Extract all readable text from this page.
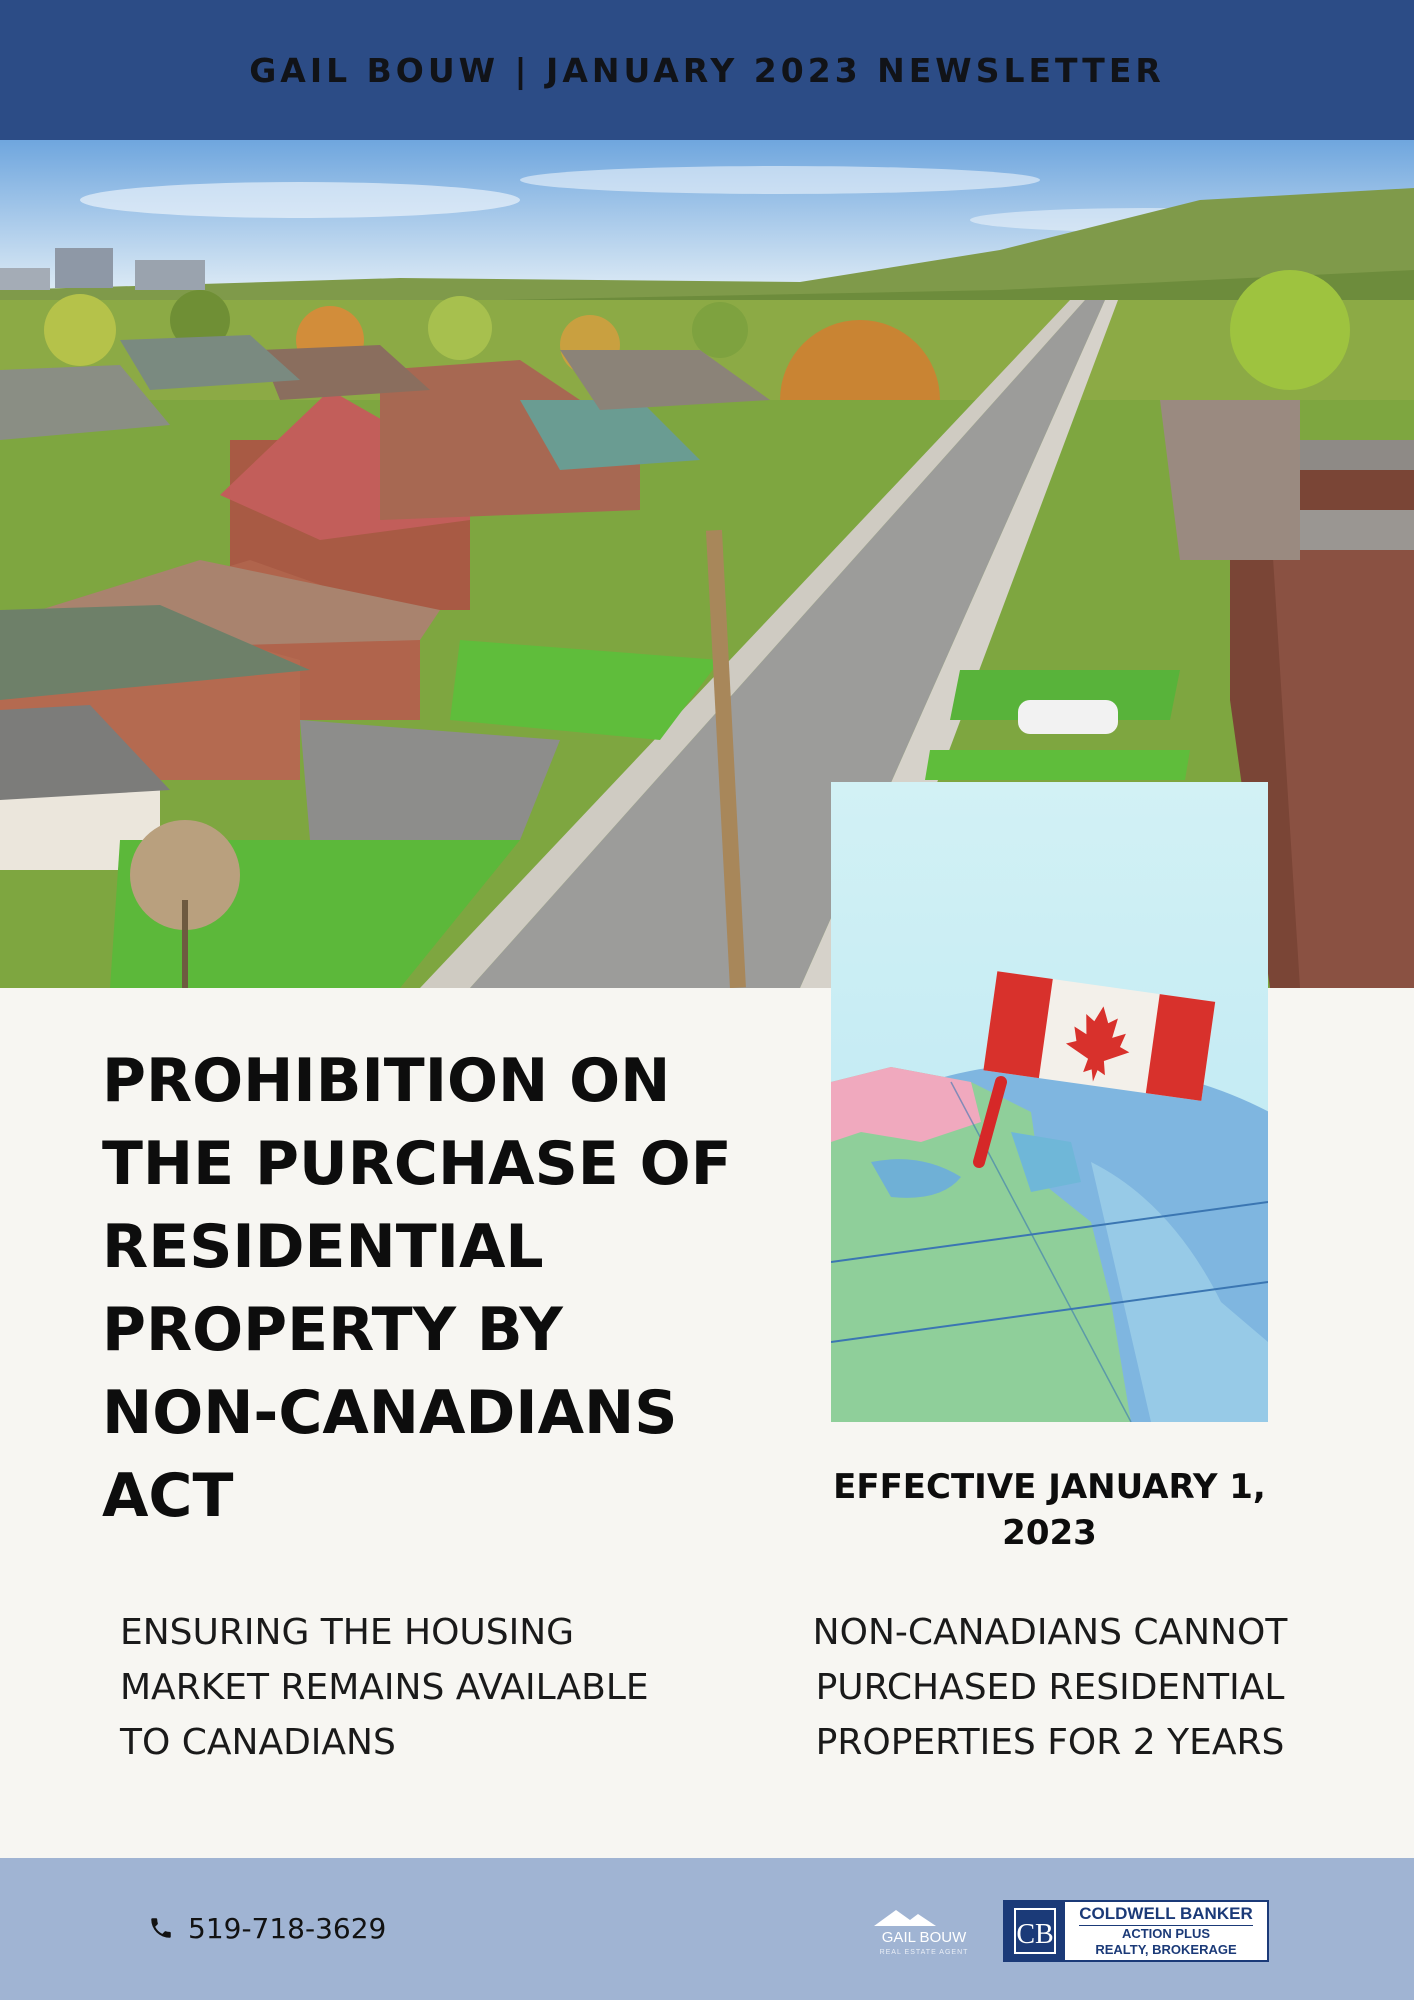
GAIL BOUW | JANUARY 2023 NEWSLETTER
PROHIBITION ON THE PURCHASE OF RESIDENTIAL PROPERTY BY NON-CANADIANS ACT	EFFECTIVE JANUARY 1, 2023
ENSURING THE HOUSING MARKET REMAINS AVAILABLE TO CANADIANS
NON-CANADIANS CANNOT PURCHASED RESIDENTIAL PROPERTIES FOR 2 YEARS
519-718-3629	GAIL BOUW
REAL ESTATE AGENT
CB
COLDWELL BANKER
ACTION PLUS
REALTY, BROKERAGE
